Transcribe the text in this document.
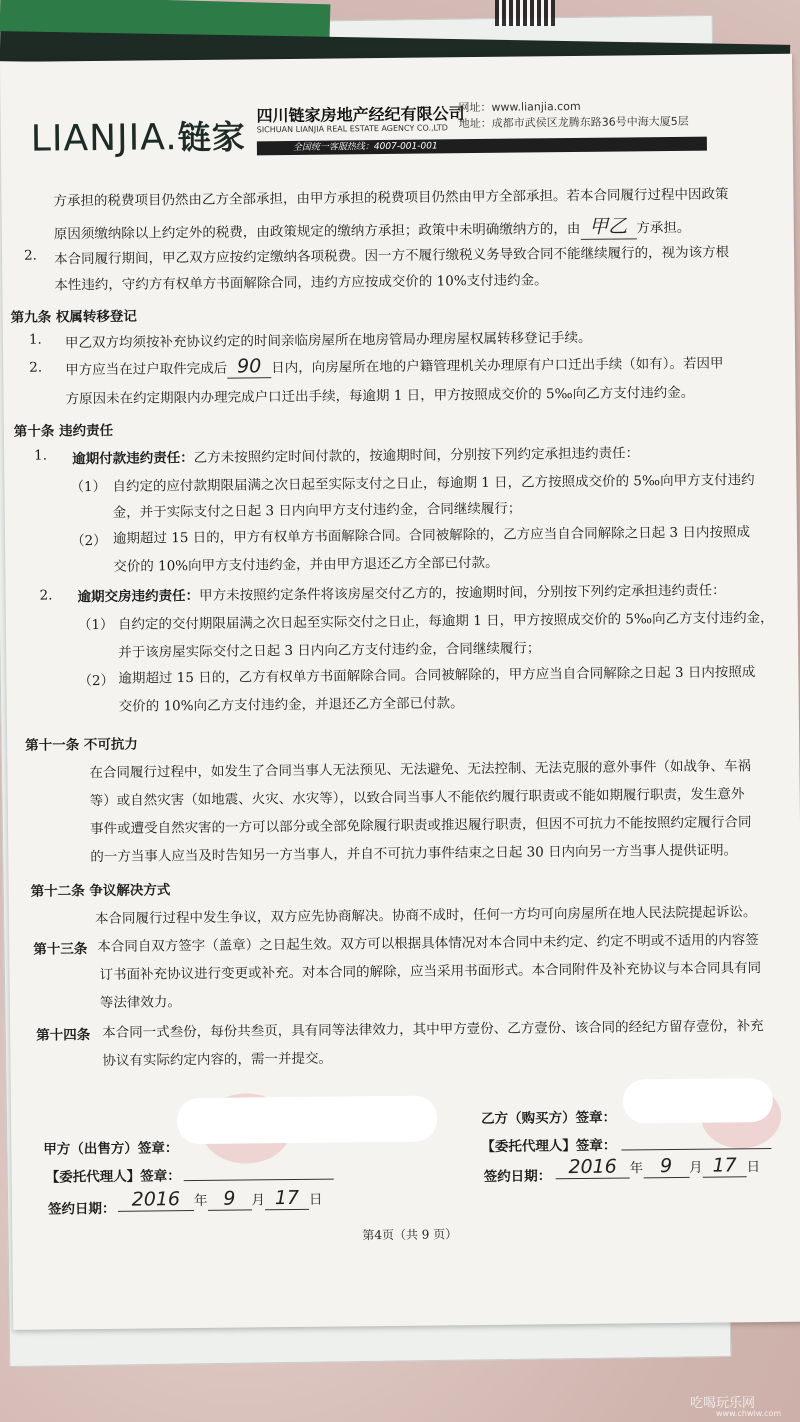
LIANJIA.链家
四川链家房地产经纪有限公司
SICHUAN LIANJIA REAL ESTATE AGENCY CO.,LTD
网址：www.lianjia.com
地址：成都市武侯区龙腾东路36号中海大厦5层
全国统一客服热线：4007-001-001
方承担的税费项目仍然由乙方全部承担，由甲方承担的税费项目仍然由甲方全部承担。若本合同履行过程中因政策
原因须缴纳除以上约定外的税费，由政策规定的缴纳方承担；政策中未明确缴纳方的，由 甲乙 方承担。
2. 本合同履行期间，甲乙双方应按约定缴纳各项税费。因一方不履行缴税义务导致合同不能继续履行的，视为该方根
本性违约，守约方有权单方书面解除合同，违约方应按成交价的 10%支付违约金。
第九条 权属转移登记
1. 甲乙双方均须按补充协议约定的时间亲临房屋所在地房管局办理房屋权属转移登记手续。
2. 甲方应当在过户取件完成后 90 日内，向房屋所在地的户籍管理机关办理原有户口迁出手续（如有）。若因甲
方原因未在约定期限内办理完成户口迁出手续，每逾期 1 日，甲方按照成交价的 5‰向乙方支付违约金。
第十条 违约责任
1. 逾期付款违约责任：乙方未按照约定时间付款的，按逾期时间，分别按下列约定承担违约责任：
（1） 自约定的应付款期限届满之次日起至实际支付之日止，每逾期 1 日，乙方按照成交价的 5‰向甲方支付违约
金，并于实际支付之日起 3 日内向甲方支付违约金，合同继续履行；
（2） 逾期超过 15 日的，甲方有权单方书面解除合同。合同被解除的，乙方应当自合同解除之日起 3 日内按照成
交价的 10%向甲方支付违约金，并由甲方退还乙方全部已付款。
2. 逾期交房违约责任：甲方未按照约定条件将该房屋交付乙方的，按逾期时间，分别按下列约定承担违约责任：
（1） 自约定的交付期限届满之次日起至实际交付之日止，每逾期 1 日，甲方按照成交价的 5‰向乙方支付违约金，
并于该房屋实际交付之日起 3 日内向乙方支付违约金，合同继续履行；
（2） 逾期超过 15 日的，乙方有权单方书面解除合同。合同被解除的，甲方应当自合同解除之日起 3 日内按照成
交价的 10%向乙方支付违约金，并退还乙方全部已付款。
第十一条 不可抗力
在合同履行过程中，如发生了合同当事人无法预见、无法避免、无法控制、无法克服的意外事件（如战争、车祸
等）或自然灾害（如地震、火灾、水灾等），以致合同当事人不能依约履行职责或不能如期履行职责，发生意外
事件或遭受自然灾害的一方可以部分或全部免除履行职责或推迟履行职责，但因不可抗力不能按照约定履行合同
的一方当事人应当及时告知另一方当事人，并自不可抗力事件结束之日起 30 日内向另一方当事人提供证明。
第十二条 争议解决方式
本合同履行过程中发生争议，双方应先协商解决。协商不成时，任何一方均可向房屋所在地人民法院提起诉讼。
第十三条 本合同自双方签字（盖章）之日起生效。双方可以根据具体情况对本合同中未约定、约定不明或不适用的内容签
订书面补充协议进行变更或补充。对本合同的解除，应当采用书面形式。本合同附件及补充协议与本合同具有同
等法律效力。
第十四条 本合同一式叁份，每份共叁页，具有同等法律效力，其中甲方壹份、乙方壹份、该合同的经纪方留存壹份，补充
协议有实际约定内容的，需一并提交。
甲方（出售方）签章：
【委托代理人】签章：

签约日期： 2016 年 9 月 17 日
乙方（购买方）签章：
【委托代理人】签章：

签约日期： 2016 年 9 月 17 日
第4页（共 9 页）
吃喝玩乐网
www.chwlw.com
